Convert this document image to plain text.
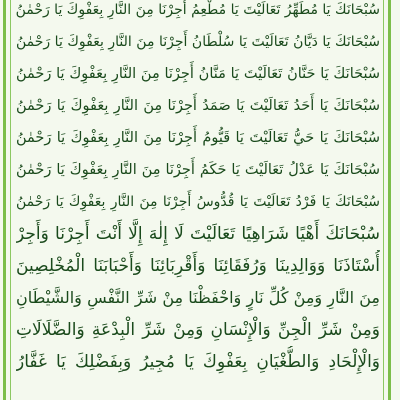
سُبْحَانَكَ يَا مُطَهِّرُ تَعَالَيْتَ يَا مُطْعِمُ أَجِرْنَا مِنَ النَّارِ بِعَفْوِكَ يَا رَحْمٰنُ
سُبْحَانَكَ يَا دَيَّانُ تَعَالَيْتَ يَا سُلْطَانُ أَجِرْنَا مِنَ النَّارِ بِعَفْوِكَ يَا رَحْمٰنُ
سُبْحَانَكَ يَا حَنَّانُ تَعَالَيْتَ يَا مَنَّانُ أَجِرْنَا مِنَ النَّارِ بِعَفْوِكَ يَا رَحْمٰنُ
سُبْحَانَكَ يَا أَحَدُ تَعَالَيْتَ يَا صَمَدُ أَجِرْنَا مِنَ النَّارِ بِعَفْوِكَ يَا رَحْمٰنُ
سُبْحَانَكَ يَا حَيُّ تَعَالَيْتَ يَا قَيُّومُ أَجِرْنَا مِنَ النَّارِ بِعَفْوِكَ يَا رَحْمٰنُ
سُبْحَانَكَ يَا عَدْلُ تَعَالَيْتَ يَا حَكَمُ أَجِرْنَا مِنَ النَّارِ بِعَفْوِكَ يَا رَحْمٰنُ
سُبْحَانَكَ يَا فَرْدُ تَعَالَيْتَ يَا قُدُّوسُ أَجِرْنَا مِنَ النَّارِ بِعَفْوِكَ يَا رَحْمٰنُ
سُبْحَانَكَ أَهْيًا شَرَاهِيًا تَعَالَيْتَ لَا إِلٰهَ إِلَّا أَنْتَ أَجِرْنَا وَأَجِرْ
أُسْتَاذَنَا وَوَالِدِينَا وَرُفَقَائِنَا وَأَقْرِبَائِنَا وَأَحْبَابَنَا الْمُخْلِصِينَ
مِنَ النَّارِ وَمِنْ كُلِّ نَارٍ وَاحْفَظْنَا مِنْ شَرِّ النَّفْسِ وَالشَّيْطَانِ
وَمِنْ شَرِّ الْجِنِّ وَالْإِنْسَانِ وَمِنْ شَرِّ الْبِدْعَةِ وَالضَّلَالَاتِ
وَالْإِلْحَادِ وَالطُّغْيَانِ بِعَفْوِكَ يَا مُجِيرُ وَبِفَضْلِكَ يَا غَفَّارُ
